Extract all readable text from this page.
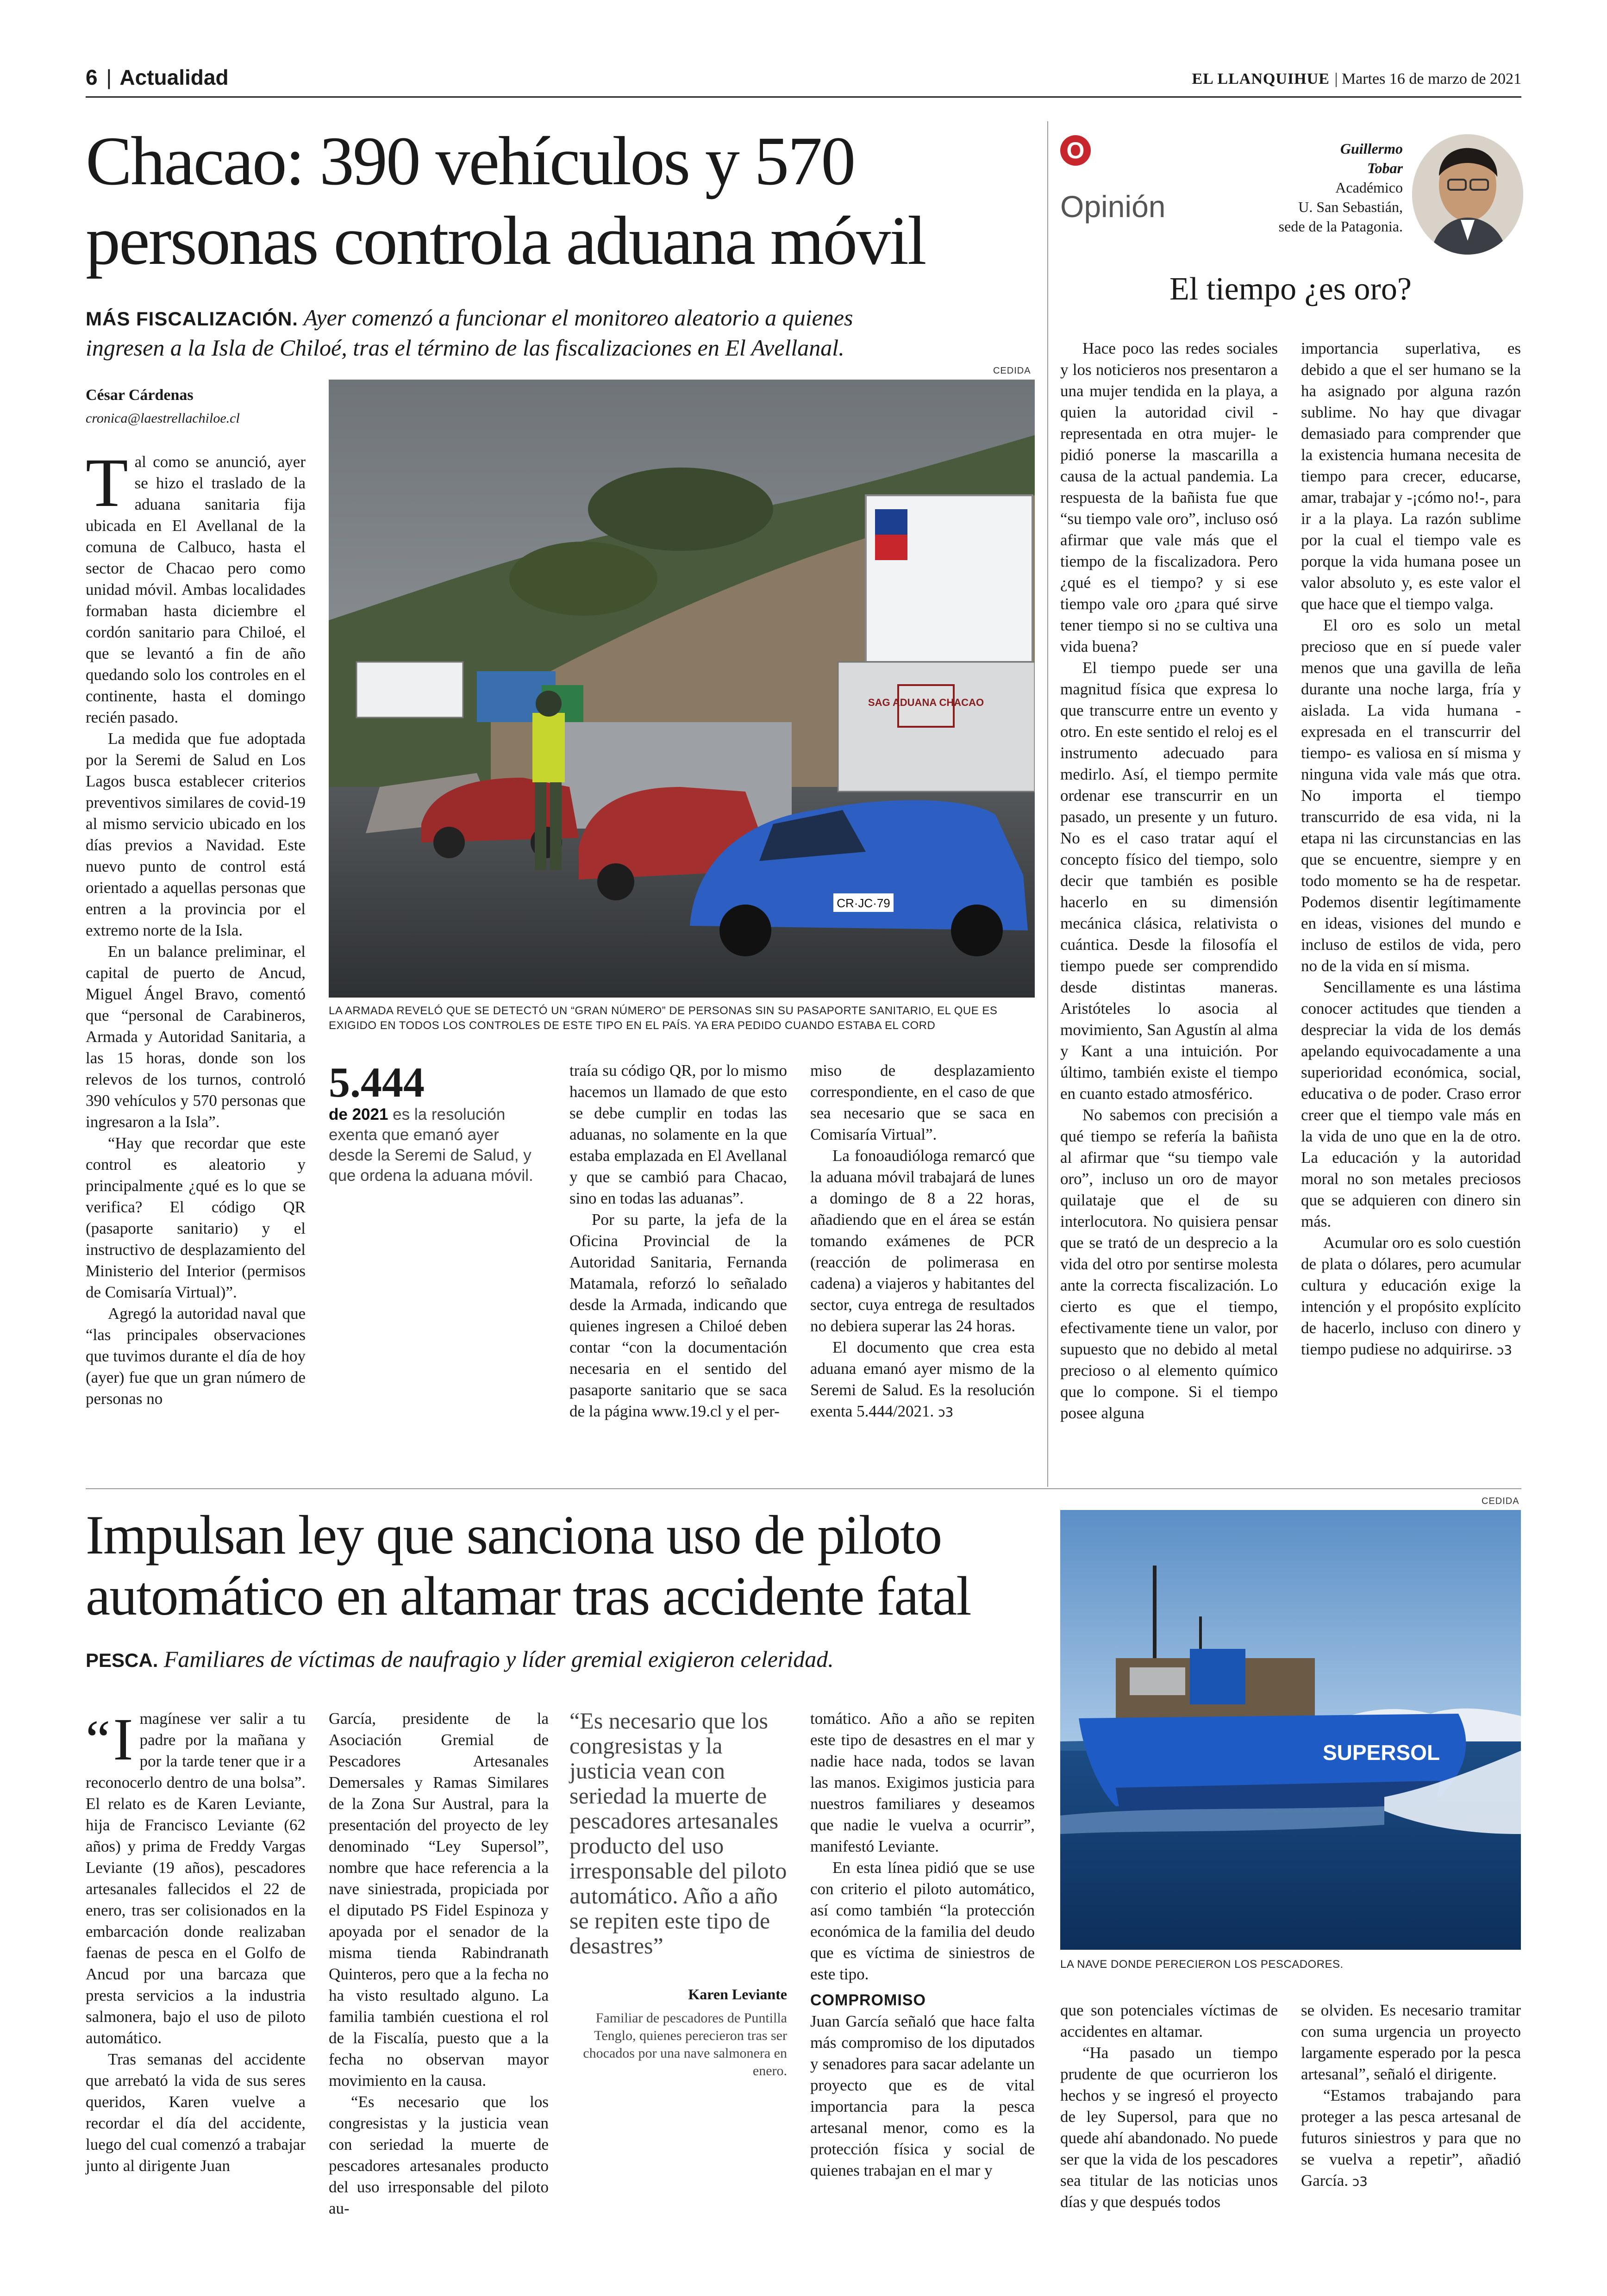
6 | Actualidad	EL LLANQUIHUE | Martes 16 de marzo de 2021
Chacao: 390 vehículos y 570
personas controla aduana móvil
MÁS FISCALIZACIÓN. Ayer comenzó a funcionar el monitoreo aleatorio a quienes
ingresen a la Isla de Chiloé, tras el término de las fiscalizaciones en El Avellanal.
César Cárdenas
cronica@laestrellachiloe.cl
CEDIDA
SAG ADUANA CHACAO
CR·JC·79
LA ARMADA REVELÓ QUE SE DETECTÓ UN “GRAN NÚMERO” DE PERSONAS SIN SU PASAPORTE SANITARIO, EL QUE ES EXIGIDO EN TODOS LOS CONTROLES DE ESTE TIPO EN EL PAÍS. YA ERA PEDIDO CUANDO ESTABA EL CORD

Tal como se anunció, ayer se hizo el traslado de la aduana sanitaria fija ubicada en El Avellanal de la comuna de Calbuco, hasta el sector de Chacao pero como unidad móvil. Ambas localidades formaban hasta diciembre el cordón sanitario para Chiloé, el que se levantó a fin de año quedando solo los controles en el continente, hasta el domingo recién pasado.

La medida que fue adoptada por la Seremi de Salud en Los Lagos busca establecer criterios preventivos similares de covid-19 al mismo servicio ubicado en los días previos a Navidad. Este nuevo punto de control está orientado a aquellas personas que entren a la provincia por el extremo norte de la Isla.

En un balance preliminar, el capital de puerto de Ancud, Miguel Ángel Bravo, comentó que “personal de Carabineros, Armada y Autoridad Sanitaria, a las 15 horas, donde son los relevos de los turnos, controló 390 vehículos y 570 personas que ingresaron a la Isla”.

“Hay que recordar que este control es aleatorio y principalmente ¿qué es lo que se verifica? El código QR (pasaporte sanitario) y el instructivo de desplazamiento del Ministerio del Interior (permisos de Comisaría Virtual)”.

Agregó la autoridad naval que “las principales observaciones que tuvimos durante el día de hoy (ayer) fue que un gran número de personas no

5.444
de 2021 es la resolución exenta que emanó ayer desde la Seremi de Salud, y que ordena la aduana móvil.

traía su código QR, por lo mismo hacemos un llamado de que esto se debe cumplir en todas las aduanas, no solamente en la que estaba emplazada en El Avellanal y que se cambió para Chacao, sino en todas las aduanas”.

Por su parte, la jefa de la Oficina Provincial de la Autoridad Sanitaria, Fernanda Matamala, reforzó lo señalado desde la Armada, indicando que quienes ingresen a Chiloé deben contar “con la documentación necesaria en el sentido del pasaporte sanitario que se saca de la página www.19.cl y el per-

miso de desplazamiento correspondiente, en el caso de que sea necesario que se saca en Comisaría Virtual”.

La fonoaudióloga remarcó que la aduana móvil trabajará de lunes a domingo de 8 a 22 horas, añadiendo que en el área se están tomando exámenes de PCR (reacción de polimerasa en cadena) a viajeros y habitantes del sector, cuya entrega de resultados no debiera superar las 24 horas.

El documento que crea esta aduana emanó ayer mismo de la Seremi de Salud. Es la resolución exenta 5.444/2021. ↄ3

O
Opinión
Guillermo
Tobar
Académico
U. San Sebastián,
sede de la Patagonia.
El tiempo ¿es oro?

Hace poco las redes sociales y los noticieros nos presentaron a una mujer tendida en la playa, a quien la autoridad civil -representada en otra mujer- le pidió ponerse la mascarilla a causa de la actual pandemia. La respuesta de la bañista fue que “su tiempo vale oro”, incluso osó afirmar que vale más que el tiempo de la fiscalizadora. Pero ¿qué es el tiempo? y si ese tiempo vale oro ¿para qué sirve tener tiempo si no se cultiva una vida buena?

El tiempo puede ser una magnitud física que expresa lo que transcurre entre un evento y otro. En este sentido el reloj es el instrumento adecuado para medirlo. Así, el tiempo permite ordenar ese transcurrir en un pasado, un presente y un futuro. No es el caso tratar aquí el concepto físico del tiempo, solo decir que también es posible hacerlo en su dimensión mecánica clásica, relativista o cuántica. Desde la filosofía el tiempo puede ser comprendido desde distintas maneras. Aristóteles lo asocia al movimiento, San Agustín al alma y Kant a una intuición. Por último, también existe el tiempo en cuanto estado atmosférico.

No sabemos con precisión a qué tiempo se refería la bañista al afirmar que “su tiempo vale oro”, incluso un oro de mayor quilataje que el de su interlocutora. No quisiera pensar que se trató de un desprecio a la vida del otro por sentirse molesta ante la correcta fiscalización. Lo cierto es que el tiempo, efectivamente tiene un valor, por supuesto que no debido al metal precioso o al elemento químico que lo compone. Si el tiempo posee alguna

importancia superlativa, es debido a que el ser humano se la ha asignado por alguna razón sublime. No hay que divagar demasiado para comprender que la existencia humana necesita de tiempo para crecer, educarse, amar, trabajar y -¡cómo no!-, para ir a la playa. La razón sublime por la cual el tiempo vale es porque la vida humana posee un valor absoluto y, es este valor el que hace que el tiempo valga.

El oro es solo un metal precioso que en sí puede valer menos que una gavilla de leña durante una noche larga, fría y aislada. La vida humana -expresada en el transcurrir del tiempo- es valiosa en sí misma y ninguna vida vale más que otra. No importa el tiempo transcurrido de esa vida, ni la etapa ni las circunstancias en las que se encuentre, siempre y en todo momento se ha de respetar. Podemos disentir legítimamente en ideas, visiones del mundo e incluso de estilos de vida, pero no de la vida en sí misma.

Sencillamente es una lástima conocer actitudes que tienden a despreciar la vida de los demás apelando equivocadamente a una superioridad económica, social, educativa o de poder. Craso error creer que el tiempo vale más en la vida de uno que en la de otro. La educación y la autoridad moral no son metales preciosos que se adquieren con dinero sin más.

Acumular oro es solo cuestión de plata o dólares, pero acumular cultura y educación exige la intención y el propósito explícito de hacerlo, incluso con dinero y tiempo pudiese no adquirirse. ↄ3

Impulsan ley que sanciona uso de piloto
automático en altamar tras accidente fatal
PESCA. Familiares de víctimas de naufragio y líder gremial exigieron celeridad.
CEDIDA
SUPERSOL
LA NAVE DONDE PERECIERON LOS PESCADORES.

“ I magínese ver salir a tu padre por la mañana y por la tarde tener que ir a reconocerlo dentro de una bolsa”. El relato es de Karen Leviante, hija de Francisco Leviante (62 años) y prima de Freddy Vargas Leviante (19 años), pescadores artesanales fallecidos el 22 de enero, tras ser colisionados en la embarcación donde realizaban faenas de pesca en el Golfo de Ancud por una barcaza que presta servicios a la industria salmonera, bajo el uso de piloto automático.

Tras semanas del accidente que arrebató la vida de sus seres queridos, Karen vuelve a recordar el día del accidente, luego del cual comenzó a trabajar junto al dirigente Juan

García, presidente de la Asociación Gremial de Pescadores Artesanales Demersales y Ramas Similares de la Zona Sur Austral, para la presentación del proyecto de ley denominado “Ley Supersol”, nombre que hace referencia a la nave siniestrada, propiciada por el diputado PS Fidel Espinoza y apoyada por el senador de la misma tienda Rabindranath Quinteros, pero que a la fecha no ha visto resultado alguno. La familia también cuestiona el rol de la Fiscalía, puesto que a la fecha no observan mayor movimiento en la causa.

“Es necesario que los congresistas y la justicia vean con seriedad la muerte de pescadores artesanales producto del uso irresponsable del piloto au-

“Es necesario que los congresistas y la justicia vean con seriedad la muerte de pescadores artesanales producto del uso irresponsable del piloto automático. Año a año se repiten este tipo de desastres”
Karen Leviante
Familiar de pescadores de Puntilla Tenglo, quienes perecieron tras ser chocados por una nave salmonera en enero.

tomático. Año a año se repiten este tipo de desastres en el mar y nadie hace nada, todos se lavan las manos. Exigimos justicia para nuestros familiares y deseamos que nadie le vuelva a ocurrir”, manifestó Leviante.

En esta línea pidió que se use con criterio el piloto automático, así como también “la protección económica de la familia del deudo que es víctima de siniestros de este tipo.

COMPROMISO

Juan García señaló que hace falta más compromiso de los diputados y senadores para sacar adelante un proyecto que es de vital importancia para la pesca artesanal menor, como es la protección física y social de quienes trabajan en el mar y

que son potenciales víctimas de accidentes en altamar.

“Ha pasado un tiempo prudente de que ocurrieron los hechos y se ingresó el proyecto de ley Supersol, para que no quede ahí abandonado. No puede ser que la vida de los pescadores sea titular de las noticias unos días y que después todos

se olviden. Es necesario tramitar con suma urgencia un proyecto largamente esperado por la pesca artesanal”, señaló el dirigente.

“Estamos trabajando para proteger a las pesca artesanal de futuros siniestros y para que no se vuelva a repetir”, añadió García. ↄ3
